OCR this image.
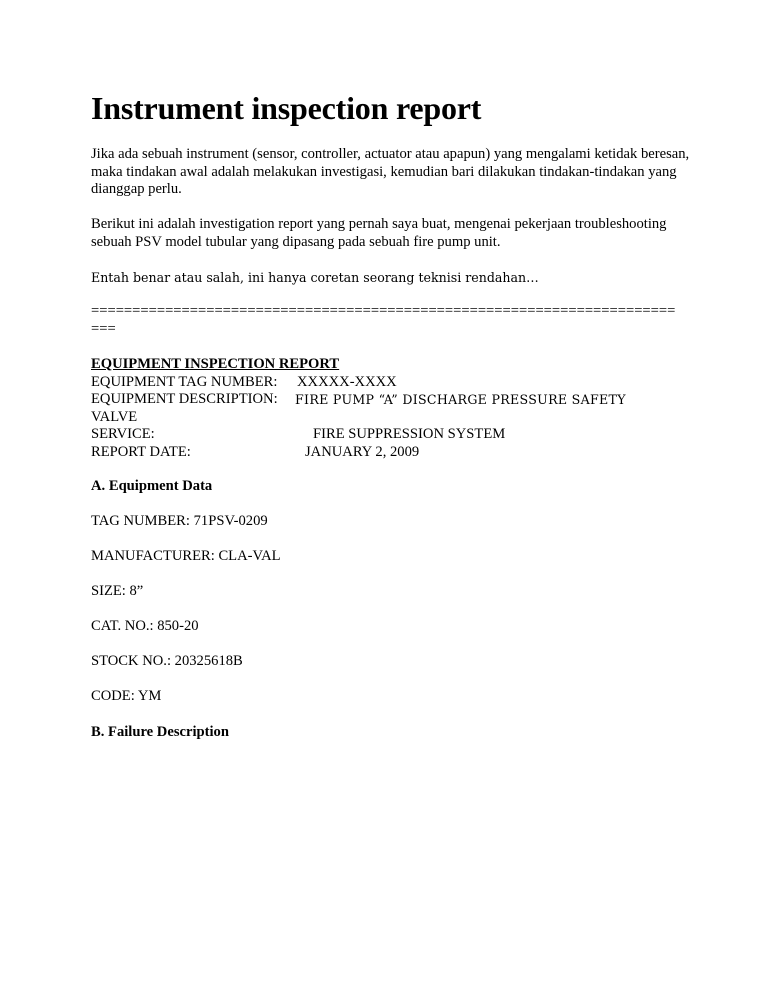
Instrument inspection report

Jika ada sebuah instrument (sensor, controller, actuator atau apapun) yang mengalami ketidak beresan, maka tindakan awal adalah melakukan investigasi, kemudian bari dilakukan tindakan-tindakan yang dianggap perlu.

Berikut ini adalah investigation report yang pernah saya buat, mengenai pekerjaan troubleshooting sebuah PSV model tubular yang dipasang pada sebuah fire pump unit.

Entah benar atau salah, ini hanya coretan seorang teknisi rendahan…

==========================================================================
EQUIPMENT INSPECTION REPORT
EQUIPMENT TAG NUMBER:	XXXXX-XXXX
EQUIPMENT DESCRIPTION:	FIRE PUMP “A” DISCHARGE PRESSURE SAFETY
VALVE
SERVICE:	FIRE SUPPRESSION SYSTEM
REPORT DATE:	JANUARY 2, 2009
A. Equipment Data
TAG NUMBER: 71PSV-0209
MANUFACTURER: CLA-VAL
SIZE: 8”
CAT. NO.: 850-20
STOCK NO.: 20325618B
CODE: YM
B. Failure Description
